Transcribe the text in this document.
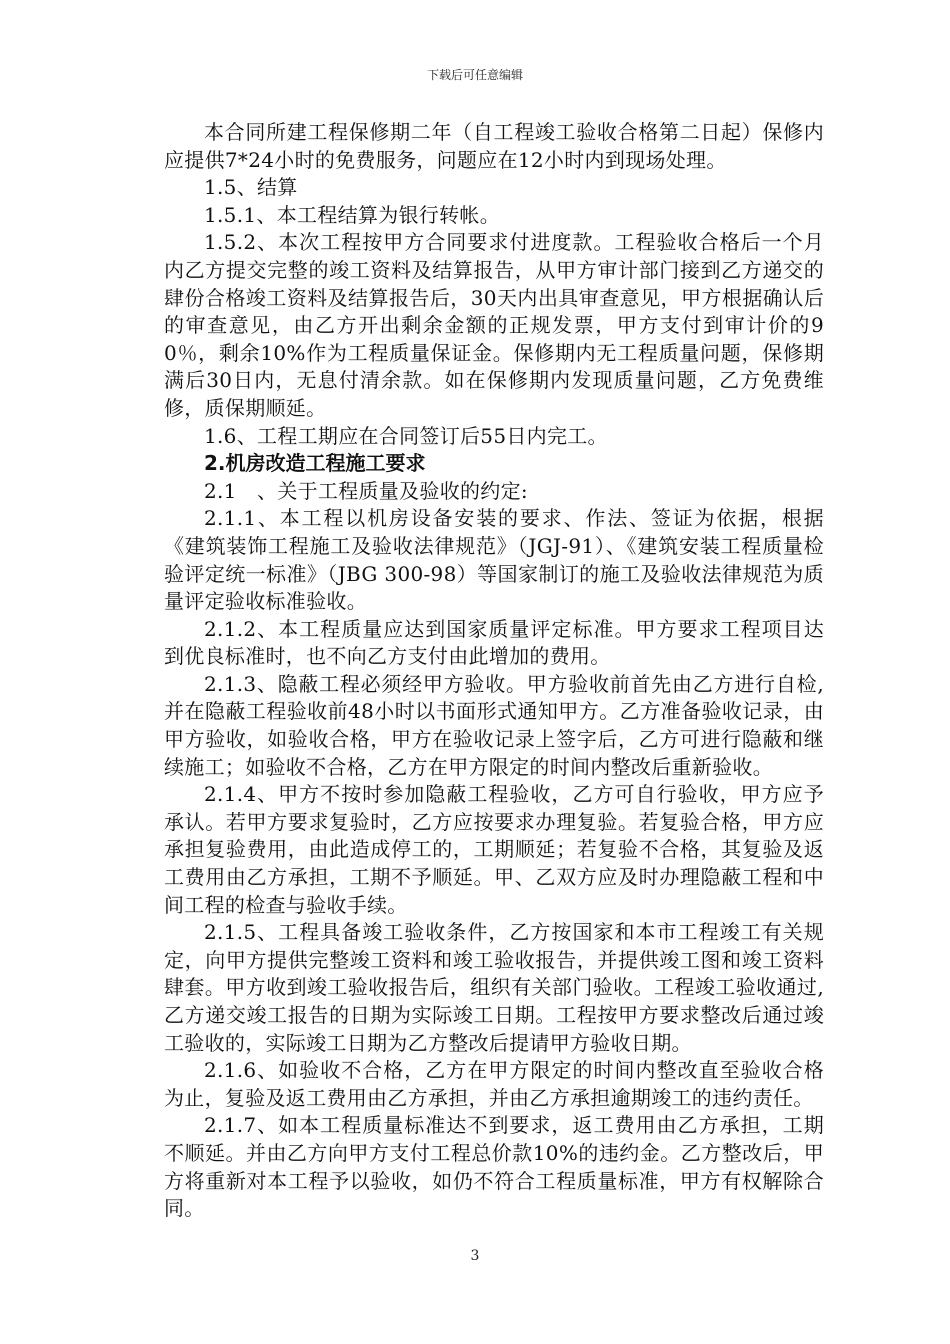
下载后可任意编辑

本合同所建工程保修期二年（自工程竣工验收合格第二日起）保修内应提供7*24小时的免费服务，问题应在12小时内到现场处理。

1.5、结算

1.5.1、本工程结算为银行转帐。

1.5.2、本次工程按甲方合同要求付进度款。工程验收合格后一个月内乙方提交完整的竣工资料及结算报告，从甲方审计部门接到乙方递交的肆份合格竣工资料及结算报告后，30天内出具审查意见，甲方根据确认后的审查意见，由乙方开出剩余金额的正规发票，甲方支付到审计价的90％，剩余10%作为工程质量保证金。保修期内无工程质量问题，保修期满后30日内，无息付清余款。如在保修期内发现质量问题，乙方免费维修，质保期顺延。

1.6、工程工期应在合同签订后55日内完工。

2.机房改造工程施工要求

2.1　、关于工程质量及验收的约定:

2.1.1、本工程以机房设备安装的要求、作法、签证为依据，根据《建筑装饰工程施工及验收法律规范》（JGJ-91）、《建筑安装工程质量检验评定统一标准》（JBG 300-98）等国家制订的施工及验收法律规范为质量评定验收标准验收。

2.1.2、本工程质量应达到国家质量评定标准。甲方要求工程项目达到优良标准时，也不向乙方支付由此增加的费用。

2.1.3、隐蔽工程必须经甲方验收。甲方验收前首先由乙方进行自检,并在隐蔽工程验收前48小时以书面形式通知甲方。乙方准备验收记录，由甲方验收，如验收合格，甲方在验收记录上签字后，乙方可进行隐蔽和继续施工；如验收不合格，乙方在甲方限定的时间内整改后重新验收。

2.1.4、甲方不按时参加隐蔽工程验收，乙方可自行验收，甲方应予承认。若甲方要求复验时，乙方应按要求办理复验。若复验合格，甲方应承担复验费用，由此造成停工的，工期顺延；若复验不合格，其复验及返工费用由乙方承担，工期不予顺延。甲、乙双方应及时办理隐蔽工程和中间工程的检查与验收手续。

2.1.5、工程具备竣工验收条件，乙方按国家和本市工程竣工有关规定，向甲方提供完整竣工资料和竣工验收报告，并提供竣工图和竣工资料肆套。甲方收到竣工验收报告后，组织有关部门验收。工程竣工验收通过,乙方递交竣工报告的日期为实际竣工日期。工程按甲方要求整改后通过竣工验收的，实际竣工日期为乙方整改后提请甲方验收日期。

2.1.6、如验收不合格，乙方在甲方限定的时间内整改直至验收合格为止，复验及返工费用由乙方承担，并由乙方承担逾期竣工的违约责任。

2.1.7、如本工程质量标准达不到要求，返工费用由乙方承担，工期不顺延。并由乙方向甲方支付工程总价款10%的违约金。乙方整改后，甲方将重新对本工程予以验收，如仍不符合工程质量标准，甲方有权解除合同。

3
